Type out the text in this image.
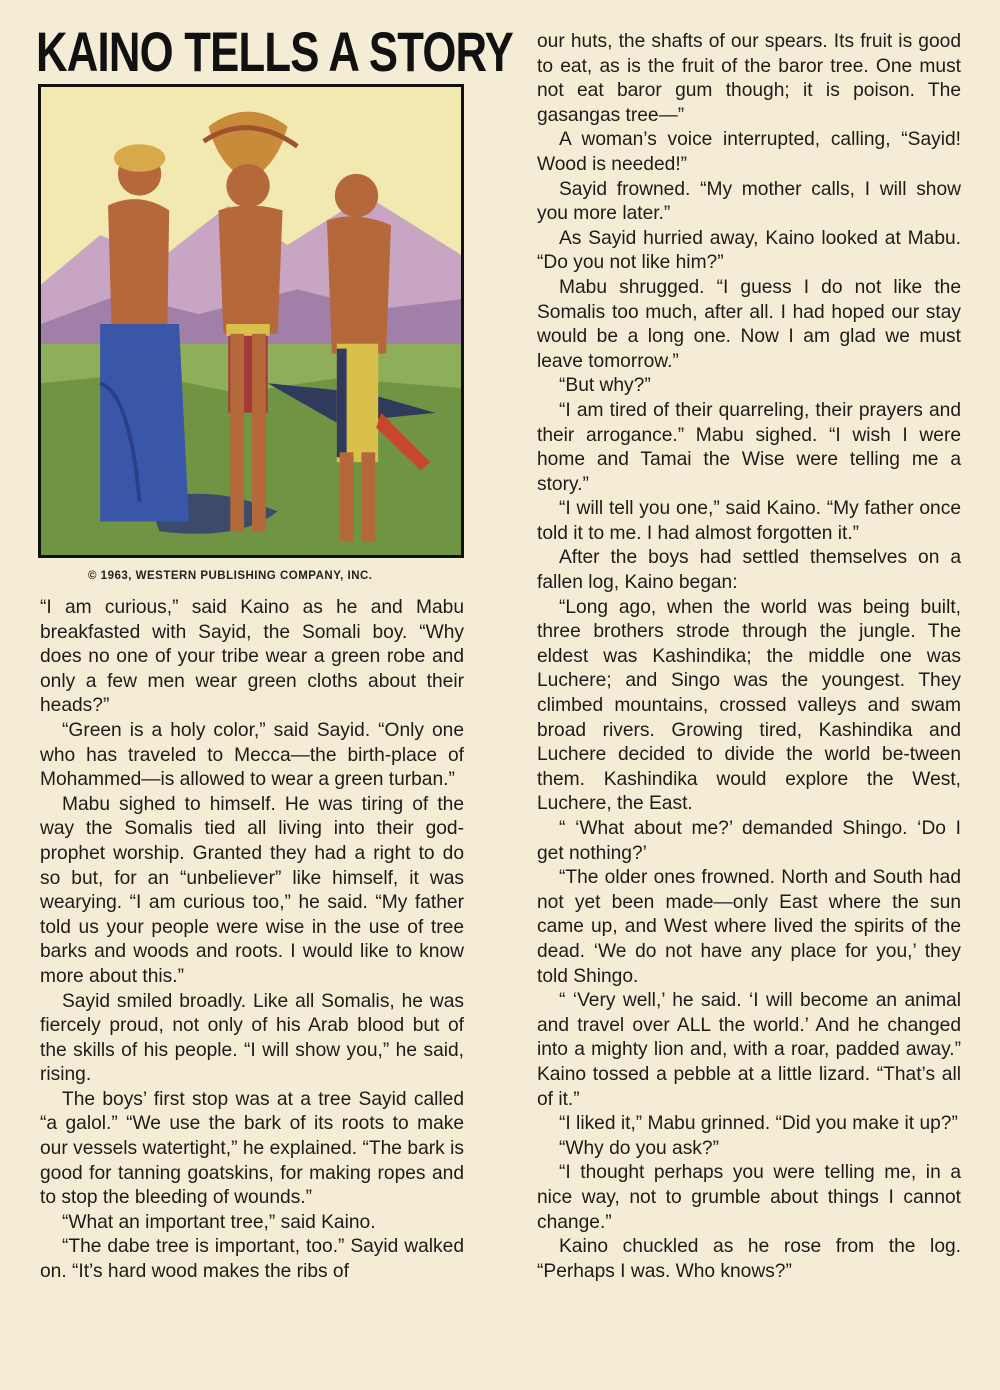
KAINO TELLS A STORY
© 1963, WESTERN PUBLISHING COMPANY, INC.

“I am curious,” said Kaino as he and Mabu breakfasted with Sayid, the Somali boy. “Why does no one of your tribe wear a green robe and only a few men wear green cloths about their heads?”

“Green is a holy color,” said Sayid. “Only one who has traveled to Mecca—the birth-place of Mohammed—is allowed to wear a green turban.”

Mabu sighed to himself. He was tiring of the way the Somalis tied all living into their god-prophet worship. Granted they had a right to do so but, for an “unbeliever” like himself, it was wearying. “I am curious too,” he said. “My father told us your people were wise in the use of tree barks and woods and roots. I would like to know more about this.”

Sayid smiled broadly. Like all Somalis, he was fiercely proud, not only of his Arab blood but of the skills of his people. “I will show you,” he said, rising.

The boys’ first stop was at a tree Sayid called “a galol.” “We use the bark of its roots to make our vessels watertight,” he explained. “The bark is good for tanning goatskins, for making ropes and to stop the bleeding of wounds.”

“What an important tree,” said Kaino.

“The dabe tree is important, too.” Sayid walked on. “It’s hard wood makes the ribs of

our huts, the shafts of our spears. Its fruit is good to eat, as is the fruit of the baror tree. One must not eat baror gum though; it is poison. The gasangas tree—”

A woman’s voice interrupted, calling, “Sayid! Wood is needed!”

Sayid frowned. “My mother calls, I will show you more later.”

As Sayid hurried away, Kaino looked at Mabu. “Do you not like him?”

Mabu shrugged. “I guess I do not like the Somalis too much, after all. I had hoped our stay would be a long one. Now I am glad we must leave tomorrow.”

“But why?”

“I am tired of their quarreling, their prayers and their arrogance.” Mabu sighed. “I wish I were home and Tamai the Wise were telling me a story.”

“I will tell you one,” said Kaino. “My father once told it to me. I had almost forgotten it.”

After the boys had settled themselves on a fallen log, Kaino began:

“Long ago, when the world was being built, three brothers strode through the jungle. The eldest was Kashindika; the middle one was Luchere; and Singo was the youngest. They climbed mountains, crossed valleys and swam broad rivers. Growing tired, Kashindika and Luchere decided to divide the world be-tween them. Kashindika would explore the West, Luchere, the East.

“ ‘What about me?’ demanded Shingo. ‘Do I get nothing?’

“The older ones frowned. North and South had not yet been made—only East where the sun came up, and West where lived the spirits of the dead. ‘We do not have any place for you,’ they told Shingo.

“ ‘Very well,’ he said. ‘I will become an animal and travel over ALL the world.’ And he changed into a mighty lion and, with a roar, padded away.” Kaino tossed a pebble at a little lizard. “That’s all of it.”

“I liked it,” Mabu grinned. “Did you make it up?”

“Why do you ask?”

“I thought perhaps you were telling me, in a nice way, not to grumble about things I cannot change.”

Kaino chuckled as he rose from the log. “Perhaps I was. Who knows?”
